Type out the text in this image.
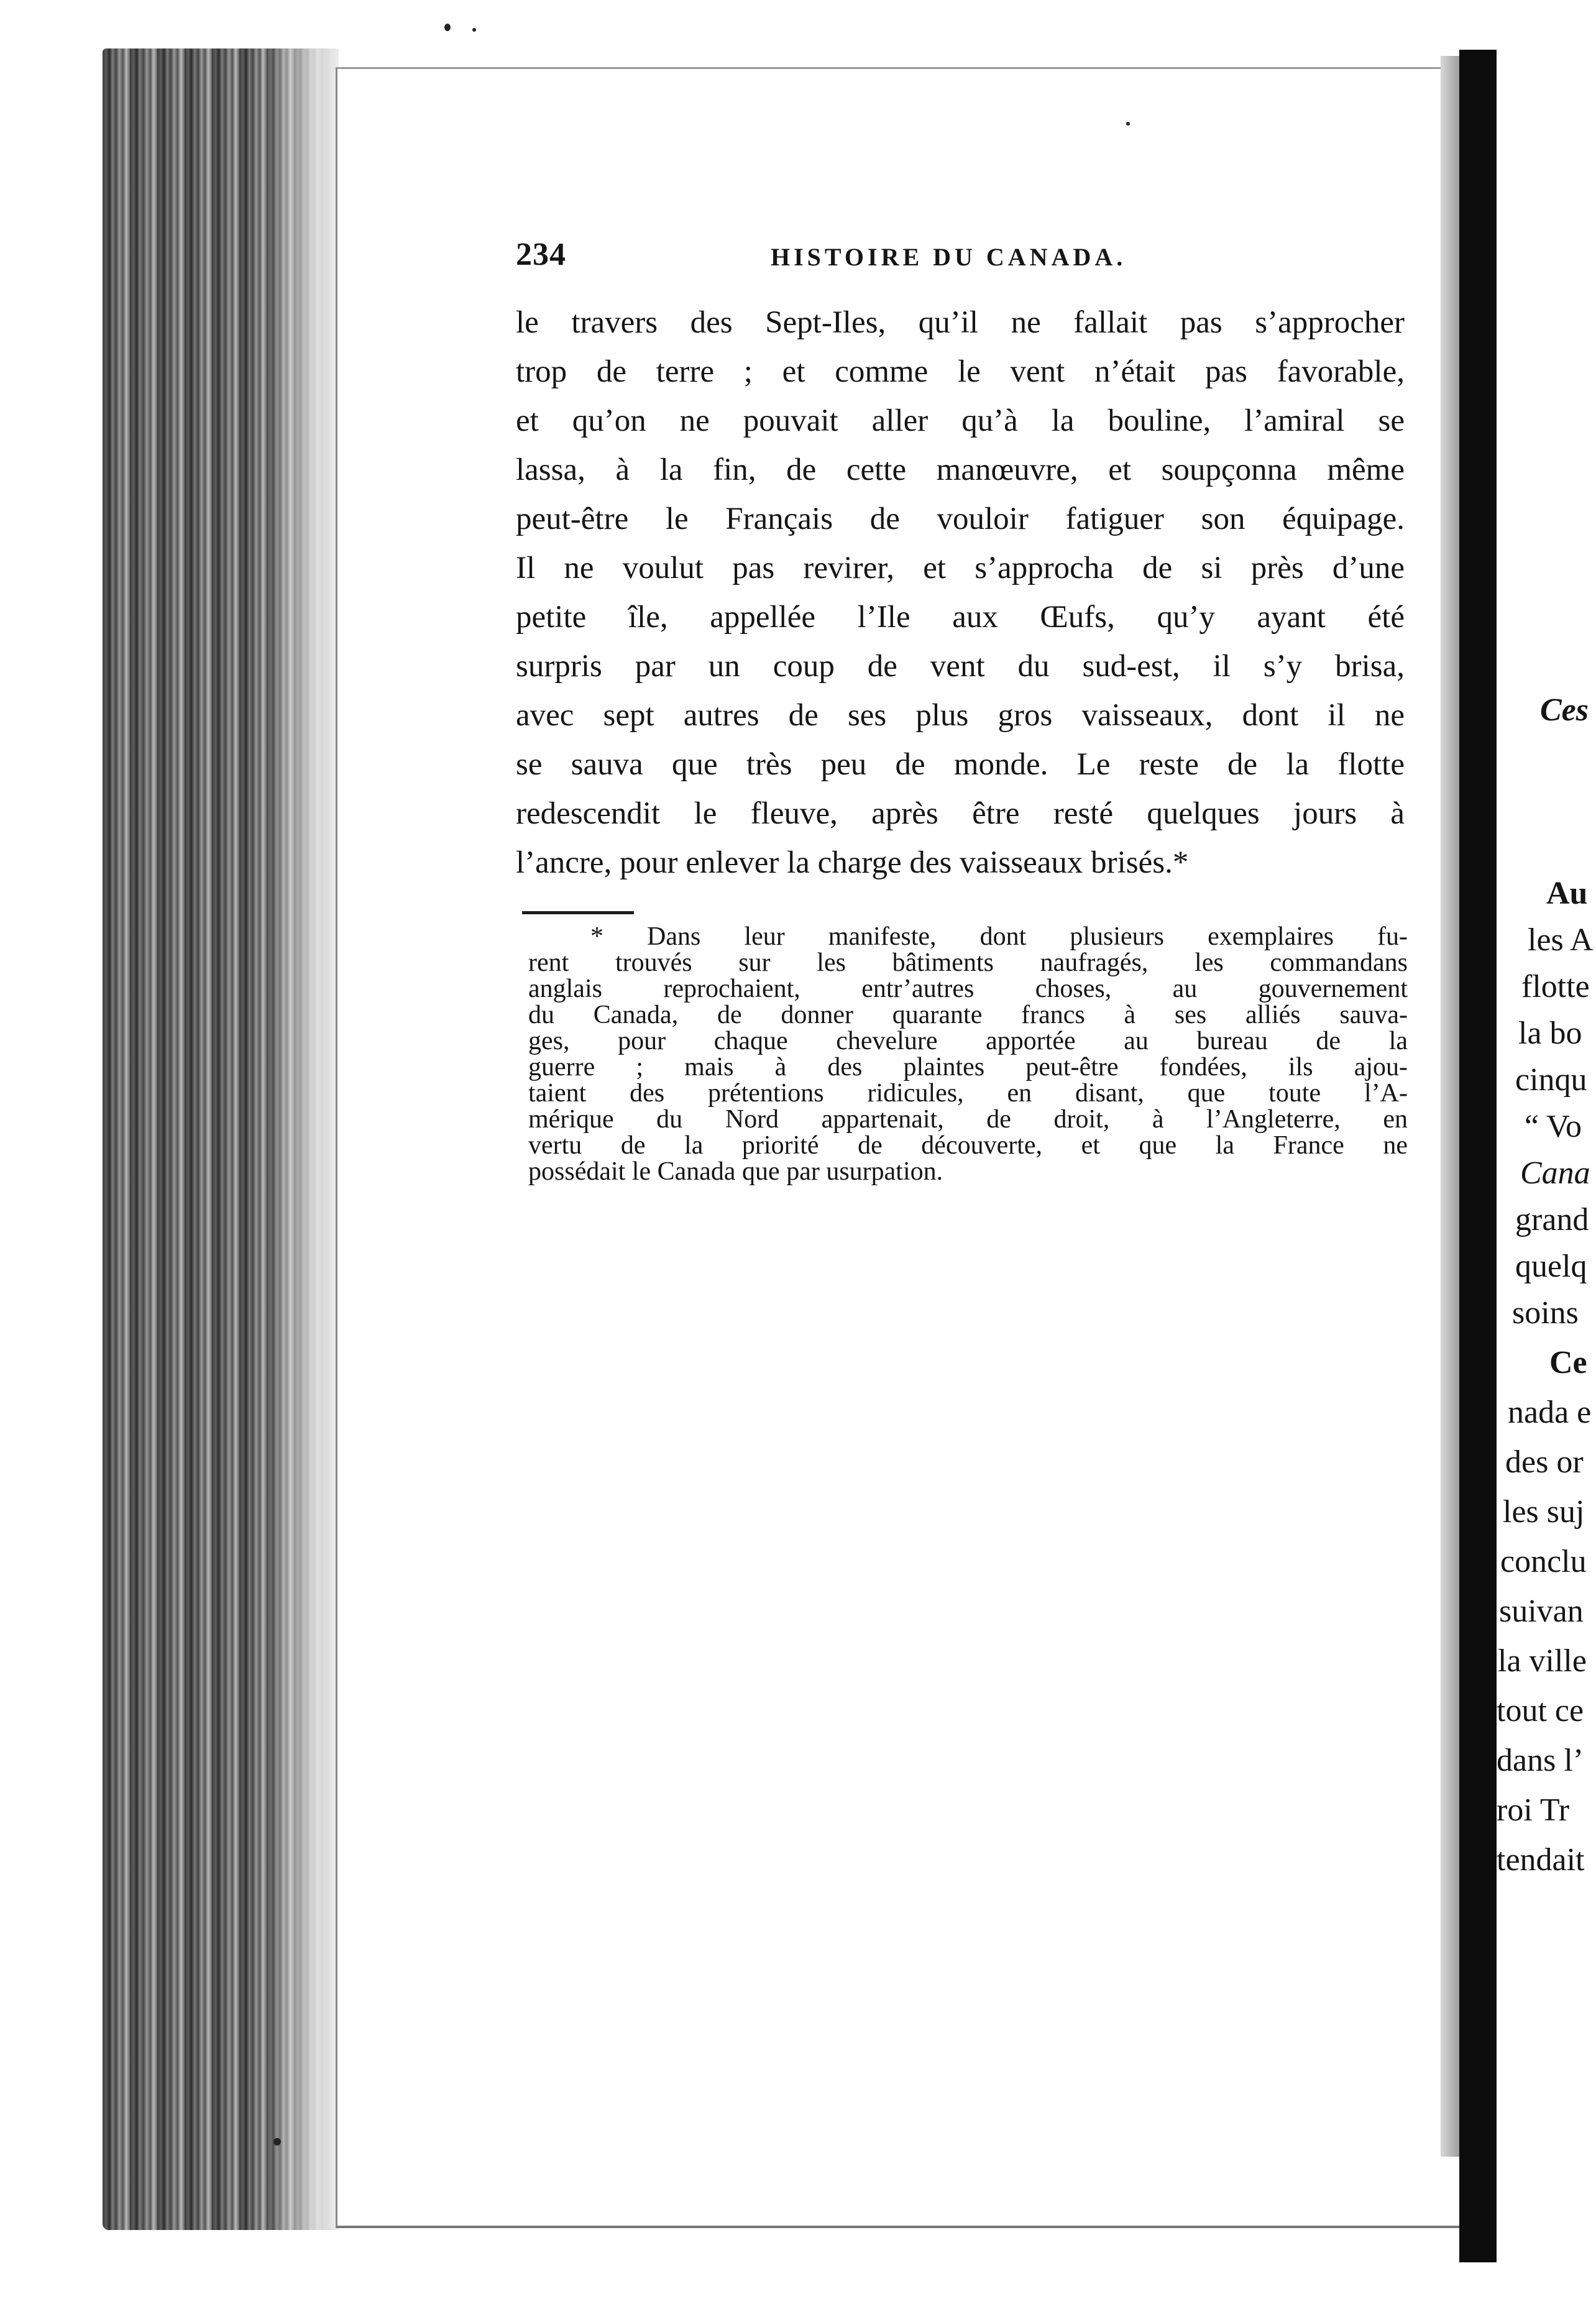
Ces
Au
les A
flotte
la bo
cinqu
“ Vo
Cana
grand
quelq
soins
Ce
nada e
des or
les suj
conclu
suivan
la ville
tout ce
dans l’
roi Tr
tendait
234	HISTOIRE DU CANADA.
le travers des Sept-Iles, qu’il ne fallait pas s’approcher
trop de terre ; et comme le vent n’était pas favorable,
et qu’on ne pouvait aller qu’à la bouline, l’amiral se
lassa, à la fin, de cette manœuvre, et soupçonna même
peut-être le Français de vouloir fatiguer son équipage.
Il ne voulut pas revirer, et s’approcha de si près d’une
petite île, appellée l’Ile aux Œufs, qu’y ayant été
surpris par un coup de vent du sud-est, il s’y brisa,
avec sept autres de ses plus gros vaisseaux, dont il ne
se sauva que très peu de monde. Le reste de la flotte
redescendit le fleuve, après être resté quelques jours à
l’ancre, pour enlever la charge des vaisseaux brisés.*
* Dans leur manifeste, dont plusieurs exemplaires fu-
rent trouvés sur les bâtiments naufragés, les commandans
anglais reprochaient, entr’autres choses, au gouvernement
du Canada, de donner quarante francs à ses alliés sauva-
ges, pour chaque chevelure apportée au bureau de la
guerre ; mais à des plaintes peut-être fondées, ils ajou-
taient des prétentions ridicules, en disant, que toute l’A-
mérique du Nord appartenait, de droit, à l’Angleterre, en
vertu de la priorité de découverte, et que la France ne
possédait le Canada que par usurpation.
